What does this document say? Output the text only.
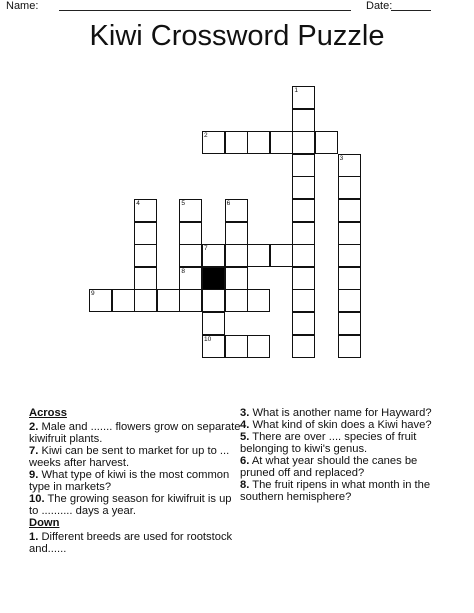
Name:	Date:
Kiwi Crossword Puzzle
1
2
3
4	5
8
6
7
9
10
Across
2. Male and ....... flowers grow on separate kiwifruit plants.
7. Kiwi can be sent to market for up to ... weeks after harvest.
9. What type of kiwi is the most common type in markets?
10. The growing season for kiwifruit is up to .......... days a year.
Down
1. Different breeds are used for rootstock and......
3. What is another name for Hayward?
4. What kind of skin does a Kiwi have?
5. There are over .... species of fruit belonging to kiwi's genus.
6. At what year should the canes be pruned off and replaced?
8. The fruit ripens in what month in the southern hemisphere?
